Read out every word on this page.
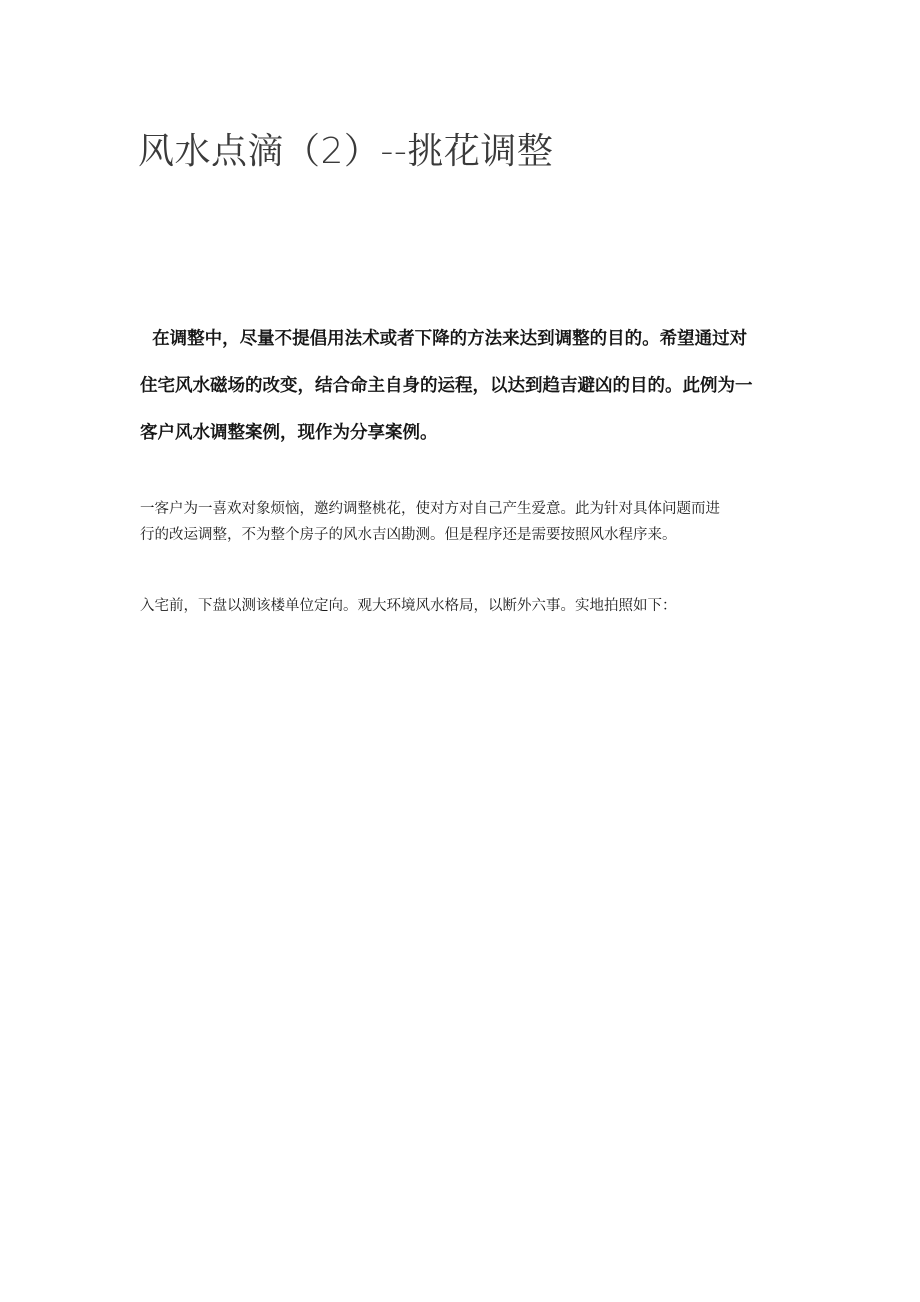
风水点滴（2）--挑花调整
在调整中，尽量不提倡用法术或者下降的方法来达到调整的目的。希望通过对
住宅风水磁场的改变，结合命主自身的运程，以达到趋吉避凶的目的。此例为一
客户风水调整案例，现作为分享案例。
一客户为一喜欢对象烦恼，邀约调整桃花，使对方对自己产生爱意。此为针对具体问题而进
行的改运调整，不为整个房子的风水吉凶勘测。但是程序还是需要按照风水程序来。
入宅前，下盘以测该楼单位定向。观大环境风水格局，以断外六事。实地拍照如下：
